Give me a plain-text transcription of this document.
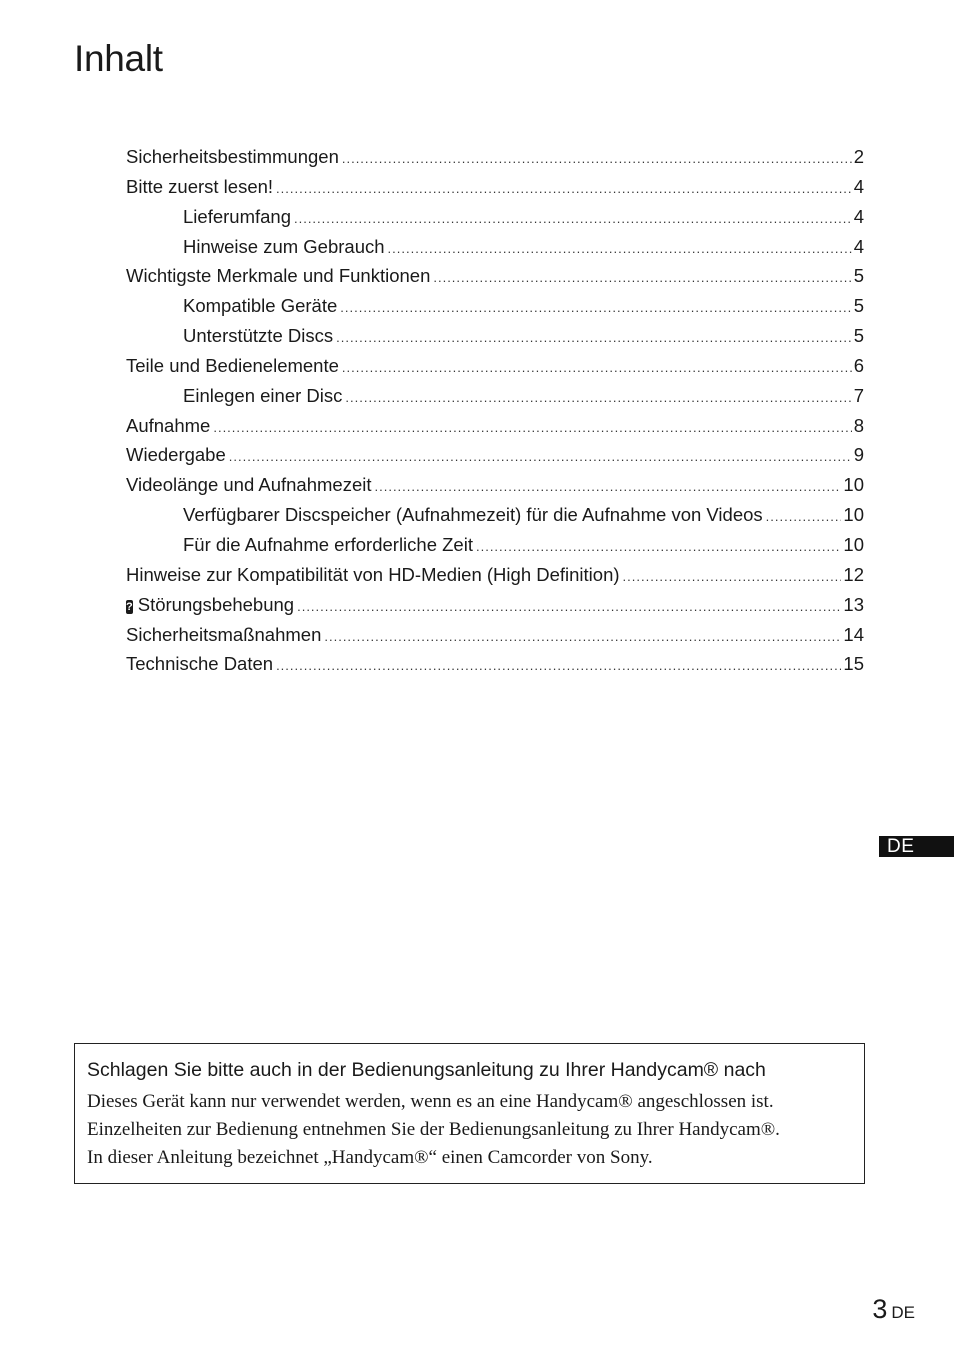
Inhalt
Sicherheitsbestimmungen .....	2
Bitte zuerst lesen! .....	4
Lieferumfang .....	4
Hinweise zum Gebrauch .....	4
Wichtigste Merkmale und Funktionen .....	5
Kompatible Geräte .....	5
Unterstützte Discs .....	5
Teile und Bedienelemente .....	6
Einlegen einer Disc .....	7
Aufnahme .....	8
Wiedergabe .....	9
Videolänge und Aufnahmezeit .....	10
Verfügbarer Discspeicher (Aufnahmezeit) für die Aufnahme von Videos .....	10
Für die Aufnahme erforderliche Zeit .....	10
Hinweise zur Kompatibilität von HD-Medien (High Definition) .....	12
? Störungsbehebung .....	13
Sicherheitsmaßnahmen .....	14
Technische Daten .....	15
DE

Schlagen Sie bitte auch in der Bedienungsanleitung zu Ihrer Handycam® nach

Dieses Gerät kann nur verwendet werden, wenn es an eine Handycam® angeschlossen ist.
Einzelheiten zur Bedienung entnehmen Sie der Bedienungsanleitung zu Ihrer Handycam®.
In dieser Anleitung bezeichnet „Handycam®“ einen Camcorder von Sony.

3 DE
